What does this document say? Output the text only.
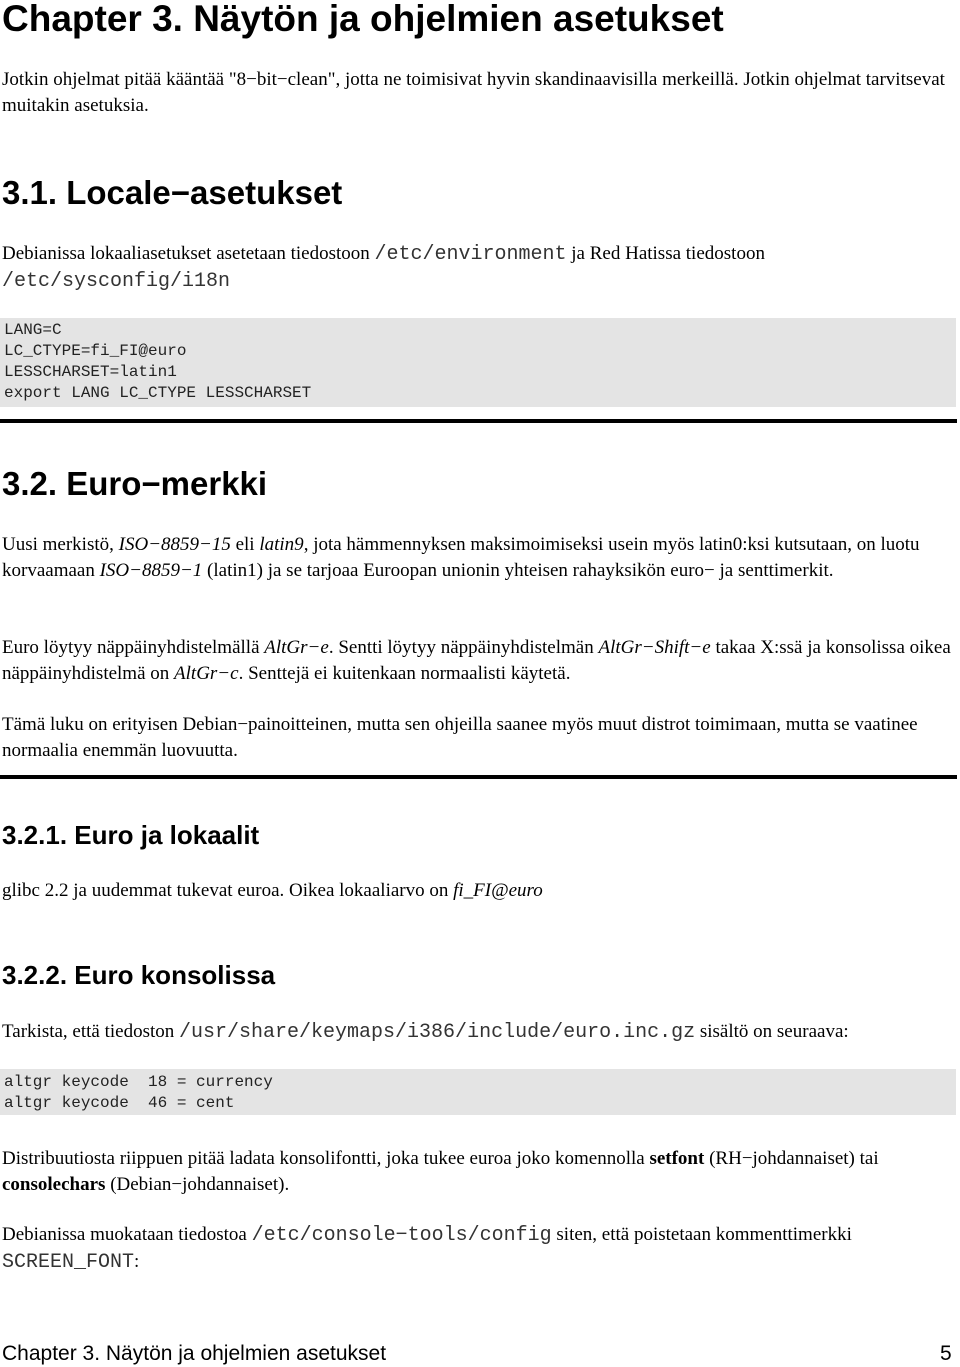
Chapter 3. Näytön ja ohjelmien asetukset
Jotkin ohjelmat pitää kääntää "8−bit−clean", jotta ne toimisivat hyvin skandinaavisilla merkeillä. Jotkin ohjelmat tarvitsevat muitakin asetuksia.
3.1. Locale−asetukset
Debianissa lokaaliasetukset asetetaan tiedostoon /etc/environment ja Red Hatissa tiedostoon
/etc/sysconfig/i18n
LANG=C
LC_CTYPE=fi_FI@euro
LESSCHARSET=latin1
export LANG LC_CTYPE LESSCHARSET
3.2. Euro−merkki
Uusi merkistö, ISO−8859−15 eli latin9, jota hämmennyksen maksimoimiseksi usein myös latin0:ksi kutsutaan, on luotu korvaamaan ISO−8859−1 (latin1) ja se tarjoaa Euroopan unionin yhteisen rahayksikön euro− ja senttimerkit.
Euro löytyy näppäinyhdistelmällä AltGr−e. Sentti löytyy näppäinyhdistelmän AltGr−Shift−e takaa X:ssä ja konsolissa oikea näppäinyhdistelmä on AltGr−c. Senttejä ei kuitenkaan normaalisti käytetä.
Tämä luku on erityisen Debian−painoitteinen, mutta sen ohjeilla saanee myös muut distrot toimimaan, mutta se vaatinee normaalia enemmän luovuutta.
3.2.1. Euro ja lokaalit
glibc 2.2 ja uudemmat tukevat euroa. Oikea lokaaliarvo on fi_FI@euro
3.2.2. Euro konsolissa
Tarkista, että tiedoston /usr/share/keymaps/i386/include/euro.inc.gz sisältö on seuraava:
altgr keycode  18 = currency
altgr keycode  46 = cent
Distribuutiosta riippuen pitää ladata konsolifontti, joka tukee euroa joko komennolla setfont (RH−johdannaiset) tai consolechars (Debian−johdannaiset).
Debianissa muokataan tiedostoa /etc/console−tools/config siten, että poistetaan kommenttimerkki
SCREEN_FONT:
Chapter 3. Näytön ja ohjelmien asetukset	5
